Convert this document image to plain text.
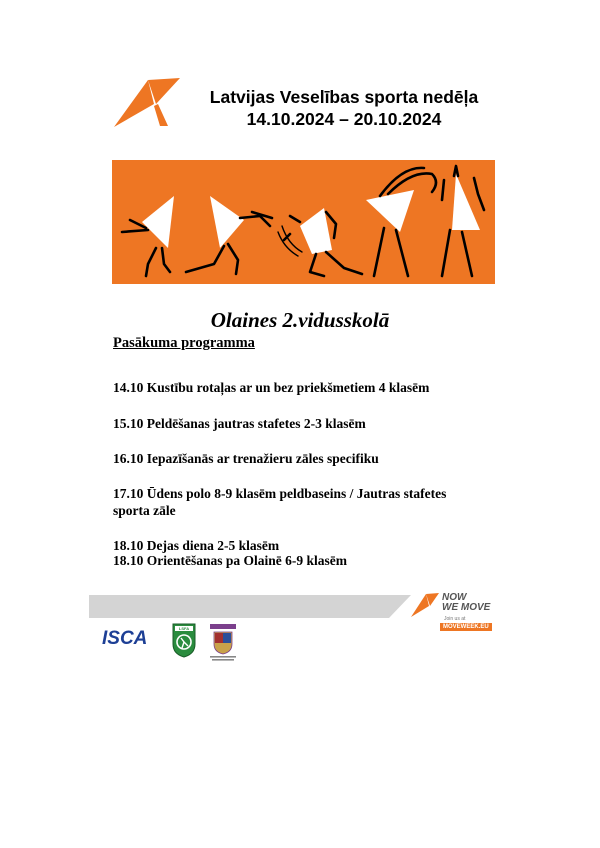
Latvijas Veselības sporta nedēļa
14.10.2024 – 20.10.2024
Olaines 2.vidusskolā
Pasākuma programma
14.10 Kustību rotaļas ar un bez priekšmetiem 4 klasēm
15.10 Peldēšanas jautras stafetes 2-3 klasēm
16.10 Iepazīšanās ar trenažieru zāles specifiku
17.10 Ūdens polo 8-9 klasēm peldbaseins / Jautras stafetes sporta zāle
18.10 Dejas diena 2-5 klasēm
18.10 Orientēšanas pa Olainē 6-9 klasēm
NOW
WE MOVE
Join us at
MOVEWEEK.EU
ISCA	LSFA
